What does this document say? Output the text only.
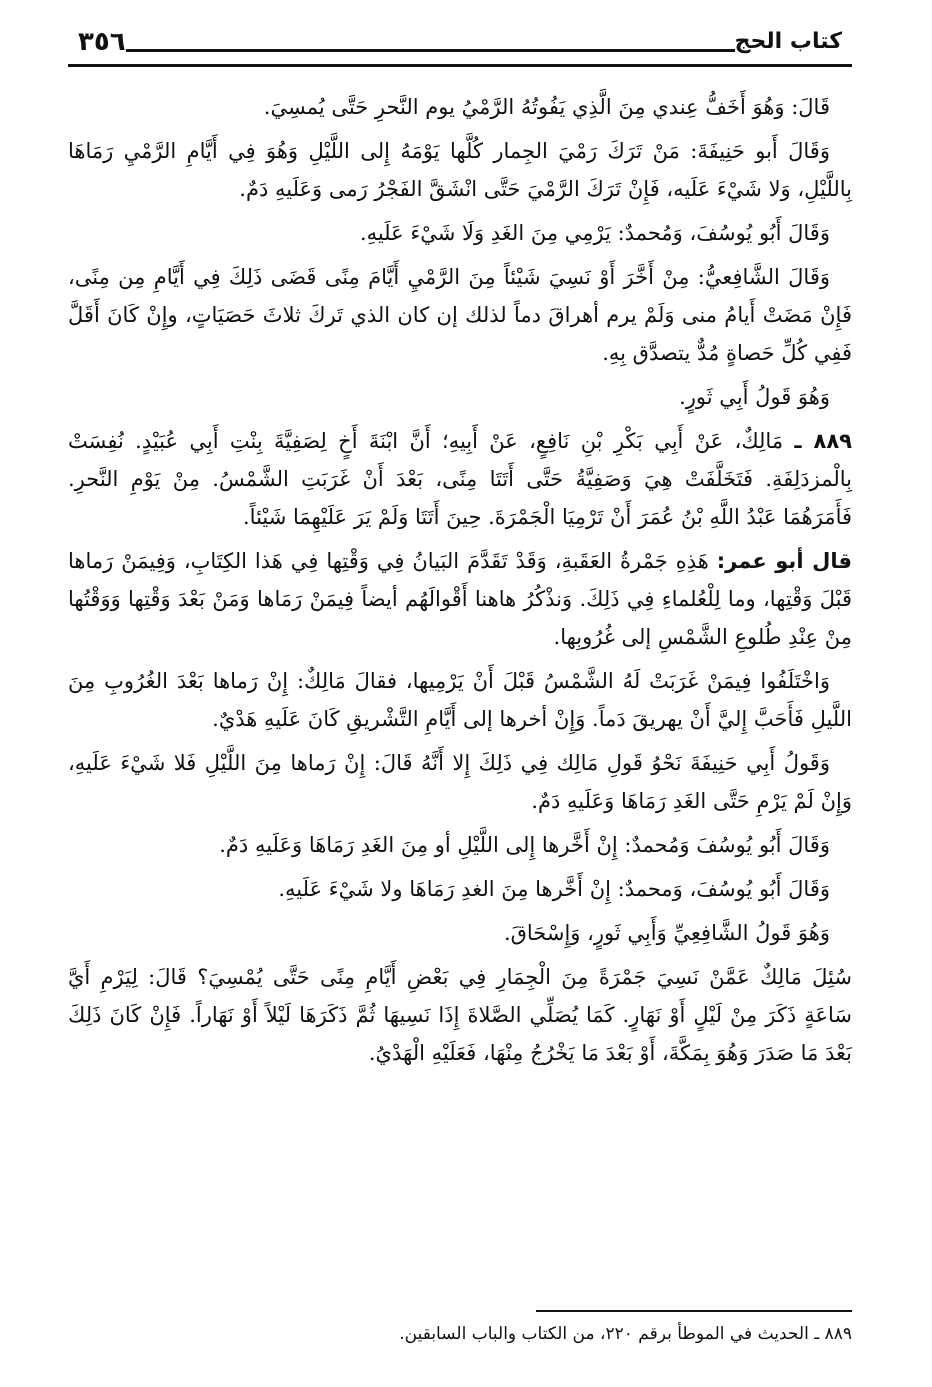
٣٥٦	كتاب الحج

قَالَ: وَهُوَ أَخَفُّ عِندي مِنَ الَّذِي يَفُوتُهُ الرَّمْيُ يوم النَّحرِ حَتَّى يُمسِيَ.

وَقَالَ أَبو حَنِيفَةَ: مَنْ تَرَكَ رَمْيَ الجِمار كُلَّها يَوْمَهُ إِلى اللَّيْلِ وَهُوَ فِي أَيَّامِ الرَّمْيِ رَمَاهَا بِاللَّيْلِ، وَلا شَيْءَ عَلَيه، فَإِنْ تَرَكَ الرَّمْيَ حَتَّى انْشَقَّ الفَجْرُ رَمى وَعَلَيهِ دَمٌ.

وَقَالَ أَبُو يُوسُفَ، وَمُحمدٌ: يَرْمِي مِنَ الغَدِ وَلَا شَيْءَ عَلَيهِ.

وَقَالَ الشَّافِعيُّ: مِنْ أَخَّرَ أَوْ نَسِيَ شَيْئاً مِنَ الرَّمْيِ أَيَّامَ مِنًى قَضَى ذَلِكَ فِي أَيَّامِ مِن مِنًى، فَإِنْ مَضَتْ أَيامُ منى وَلَمْ يرم أهراقَ دماً لذلك إن كان الذي تَركَ ثلاثَ حَصَيَاتٍ، وإِنْ كَانَ أَقَلَّ فَفِي كُلِّ حَصاةٍ مُدٌّ يتصدَّق بِهِ.

وَهُوَ قَولُ أَبِي ثَورٍ.

٨٨٩ ـ مَالِكٌ، عَنْ أَبِي بَكْرِ بْنِ نَافِعٍ، عَنْ أَبِيهِ؛ أَنَّ ابْنَةَ أَخٍ لِصَفِيَّةَ بِنْتِ أَبِي عُبَيْدٍ. نُفِسَتْ بِالْمزدَلِفَةِ. فَتَخَلَّفَتْ هِيَ وَصَفِيَّةُ حَتَّى أَتَتَا مِنًى، بَعْدَ أَنْ غَرَبَتِ الشَّمْسُ. مِنْ يَوْمِ النَّحرِ. فَأَمَرَهُمَا عَبْدُ اللَّهِ بْنُ عُمَرَ أَنْ تَرْمِيَا الْجَمْرَةَ. حِينَ أَتَتَا وَلَمْ يَرَ عَلَيْهِمَا شَيْئاً.

قال أبو عمر: هَذِهِ جَمْرةُ العَقَبةِ، وَقَدْ تَقَدَّمَ البَيانُ فِي وَقْتِها فِي هَذا الكِتَابِ، وَفِيمَنْ رَماها قَبْلَ وَقْتِها، وما لِلْعُلماءِ فِي ذَلِكَ. وَنذْكُرُ هاهنا أَقْوالَهُم أيضاً فِيمَنْ رَمَاها وَمَنْ بَعْدَ وَقْتِها وَوَقْتُها مِنْ عِنْدِ طُلوعِ الشَّمْسِ إلى غُرُوبِها.

وَاخْتَلَفُوا فِيمَنْ غَرَبَتْ لَهُ الشَّمْسُ قَبْلَ أَنْ يَرْمِيها، فقالَ مَالِكٌ: إِنْ رَماها بَعْدَ الغُرُوبِ مِنَ اللَّيلِ فَأَحَبَّ إِليَّ أَنْ يهريقَ دَماً. وَإِنْ أخرها إلى أَيَّامِ التَّشْريقِ كَانَ عَلَيهِ هَدْيٌ.

وَقَولُ أَبِي حَنِيفَةَ نَحْوُ قَولِ مَالِك فِي ذَلِكَ إِلا أَنَّهُ قَالَ: إِنْ رَماها مِنَ اللَّيْلِ فَلا شَيْءَ عَلَيهِ، وَإِنْ لَمْ يَرْمِ حَتَّى الغَدِ رَمَاهَا وَعَلَيهِ دَمٌ.

وَقَالَ أَبُو يُوسُفَ وَمُحمدٌ: إِنْ أَخَّرها إِلى اللَّيْلِ أو مِنَ الغَدِ رَمَاهَا وَعَلَيهِ دَمٌ.

وَقَالَ أَبُو يُوسُفَ، وَمحمدٌ: إِنْ أَخَّرها مِنَ الغدِ رَمَاهَا ولا شَيْءَ عَلَيهِ.

وَهُوَ قَولُ الشَّافِعِيِّ وَأَبِي ثَورٍ، وَإِسْحَاقَ.

سُئِلَ مَالِكٌ عَمَّنْ نَسِيَ جَمْرَةً مِنَ الْجِمَارِ فِي بَعْضِ أَيَّامِ مِنًى حَتَّى يُمْسِيَ؟ قَالَ: لِيَرْمِ أَيَّ سَاعَةٍ ذَكَرَ مِنْ لَيْلٍ أَوْ نَهَارٍ. كَمَا يُصَلِّي الصَّلاةَ إِذَا نَسِيهَا ثُمَّ ذَكَرَهَا لَيْلاً أَوْ نَهَاراً. فَإِنْ كَانَ ذَلِكَ بَعْدَ مَا صَدَرَ وَهُوَ بِمَكَّةَ، أَوْ بَعْدَ مَا يَخْرُجُ مِنْهَا، فَعَلَيْهِ الْهَدْيُ.

٨٨٩ ـ الحديث في الموطأ برقم ٢٢٠، من الكتاب والباب السابقين.
